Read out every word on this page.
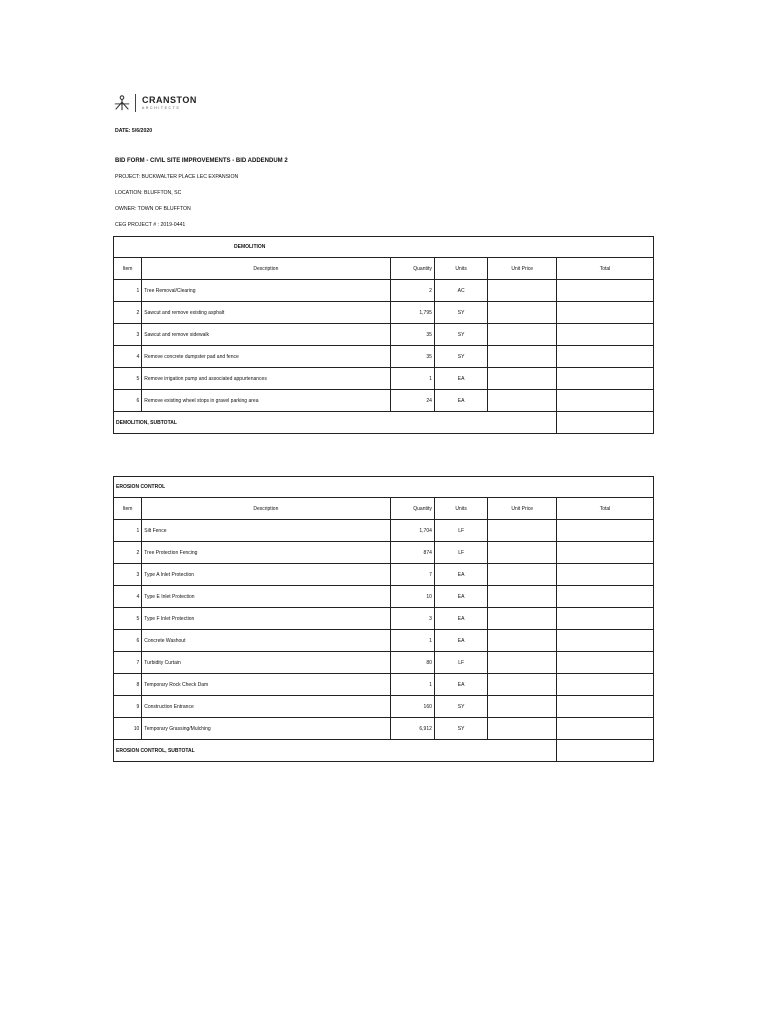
CRANSTON
ARCHITECTS
DATE: 5/6/2020
BID FORM - CIVIL SITE IMPROVEMENTS - BID ADDENDUM 2
PROJECT: BUCKWALTER PLACE LEC EXPANSION
LOCATION: BLUFFTON, SC
OWNER: TOWN OF BLUFFTON
CEG PROJECT # : 2019-0441
DEMOLITION					
Item	Description	Quantity	Units	Unit Price	Total
1	Tree Removal/Clearing	2	AC		
2	Sawcut and remove existing asphalt	1,795	SY		
3	Sawcut and remove sidewalk	35	SY		
4	Remove concrete dumpster pad and fence	35	SY		
5	Remove irrigation pump and associated appurtenances	1	EA		
6	Remove existing wheel stops in gravel parking area	24	EA		
DEMOLITION, SUBTOTAL					
EROSION CONTROL					
Item	Description	Quantity	Units	Unit Price	Total
1	Silt Fence	1,704	LF		
2	Tree Protection Fencing	874	LF		
3	Type A Inlet Protection	7	EA		
4	Type E Inlet Protection	10	EA		
5	Type F Inlet Protection	3	EA		
6	Concrete Washout	1	EA		
7	Turbidity Curtain	80	LF		
8	Temporary Rock Check Dam	1	EA		
9	Construction Entrance	160	SY		
10	Temporary Grassing/Mulching	6,912	SY		
EROSION CONTROL, SUBTOTAL					
